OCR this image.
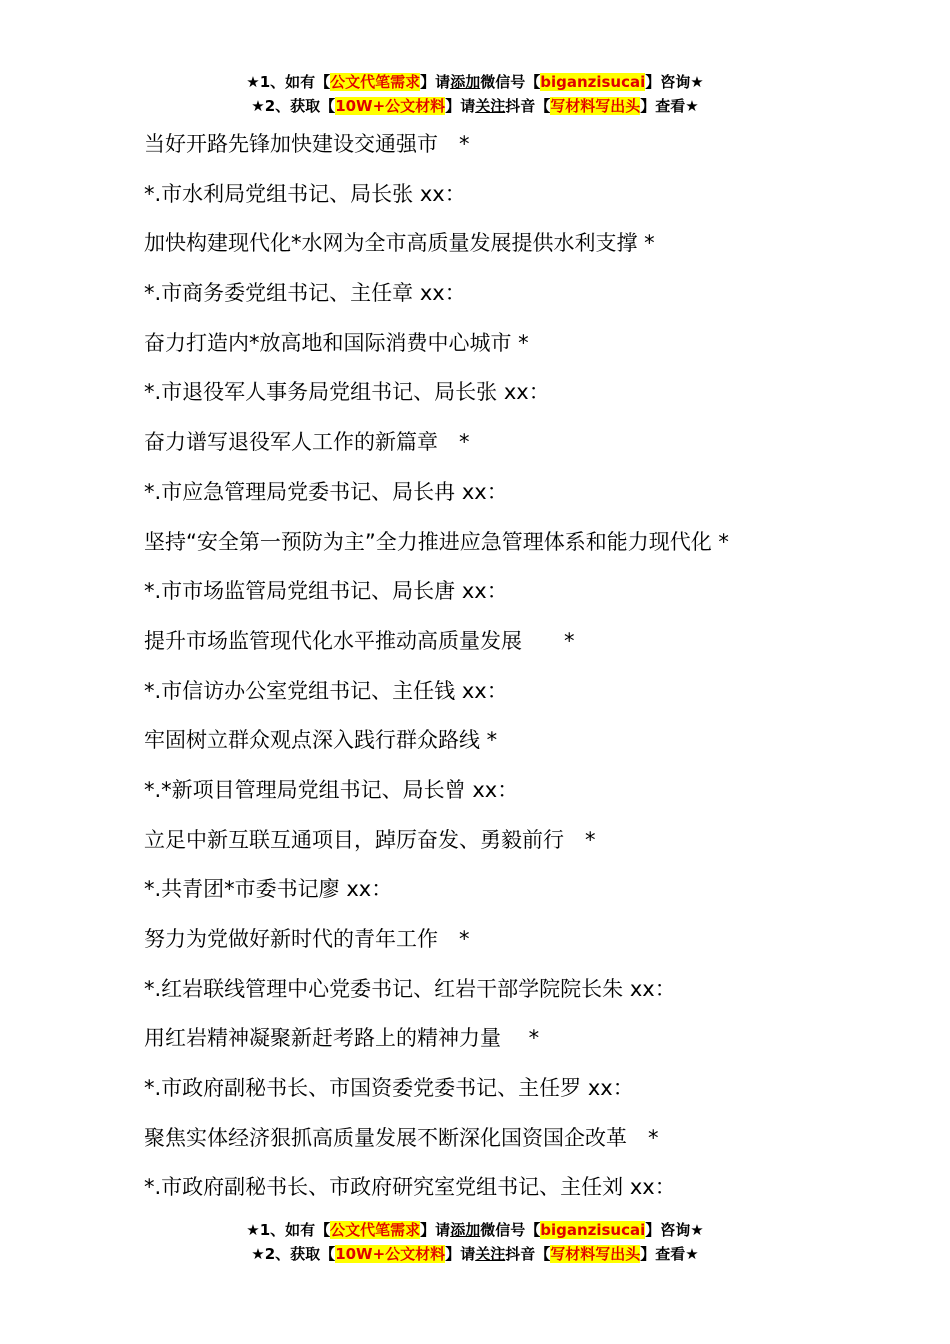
★1、如有【公文代笔需求】请添加微信号【biganzisucai】咨询★
★2、获取【10W+公文材料】请关注抖音【写材料写出头】查看★
当好开路先锋加快建设交通强市　*
*.市水利局党组书记、局长张 xx：
加快构建现代化*水网为全市高质量发展提供水利支撑 *
*.市商务委党组书记、主任章 xx：
奋力打造内*放高地和国际消费中心城市 *
*.市退役军人事务局党组书记、局长张 xx：
奋力谱写退役军人工作的新篇章　*
*.市应急管理局党委书记、局长冉 xx：
坚持“安全第一预防为主”全力推进应急管理体系和能力现代化 *
*.市市场监管局党组书记、局长唐 xx：
提升市场监管现代化水平推动高质量发展　　*
*.市信访办公室党组书记、主任钱 xx：
牢固树立群众观点深入践行群众路线 *
*.*新项目管理局党组书记、局长曾 xx：
立足中新互联互通项目，踔厉奋发、勇毅前行　*
*.共青团*市委书记廖 xx：
努力为党做好新时代的青年工作　*
*.红岩联线管理中心党委书记、红岩干部学院院长朱 xx：
用红岩精神凝聚新赶考路上的精神力量　 *
*.市政府副秘书长、市国资委党委书记、主任罗 xx：
聚焦实体经济狠抓高质量发展不断深化国资国企改革　*
*.市政府副秘书长、市政府研究室党组书记、主任刘 xx：
★1、如有【公文代笔需求】请添加微信号【biganzisucai】咨询★
★2、获取【10W+公文材料】请关注抖音【写材料写出头】查看★
